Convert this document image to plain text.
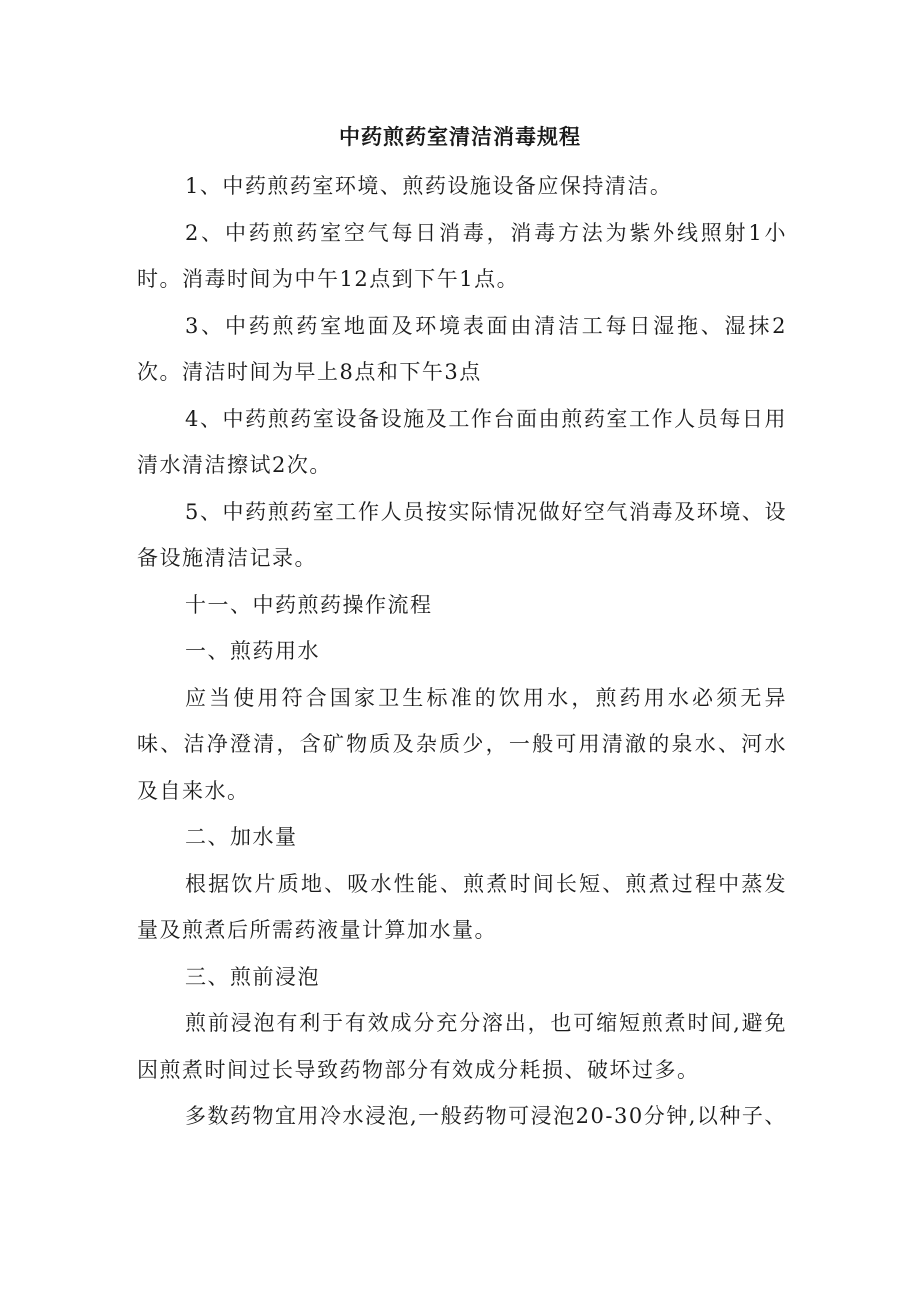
中药煎药室清洁消毒规程

1、中药煎药室环境、煎药设施设备应保持清洁。

2、中药煎药室空气每日消毒，消毒方法为紫外线照射1小时。消毒时间为中午12点到下午1点。

3、中药煎药室地面及环境表面由清洁工每日湿拖、湿抹2次。清洁时间为早上8点和下午3点

4、中药煎药室设备设施及工作台面由煎药室工作人员每日用清水清洁擦试2次。

5、中药煎药室工作人员按实际情况做好空气消毒及环境、设备设施清洁记录。

十一、中药煎药操作流程

一、煎药用水

应当使用符合国家卫生标准的饮用水，煎药用水必须无异味、洁净澄清，含矿物质及杂质少，一般可用清澈的泉水、河水及自来水。

二、加水量

根据饮片质地、吸水性能、煎煮时间长短、煎煮过程中蒸发量及煎煮后所需药液量计算加水量。

三、煎前浸泡

煎前浸泡有利于有效成分充分溶出，也可缩短煎煮时间,避免因煎煮时间过长导致药物部分有效成分耗损、破坏过多。

多数药物宜用冷水浸泡,一般药物可浸泡20-30分钟,以种子、
